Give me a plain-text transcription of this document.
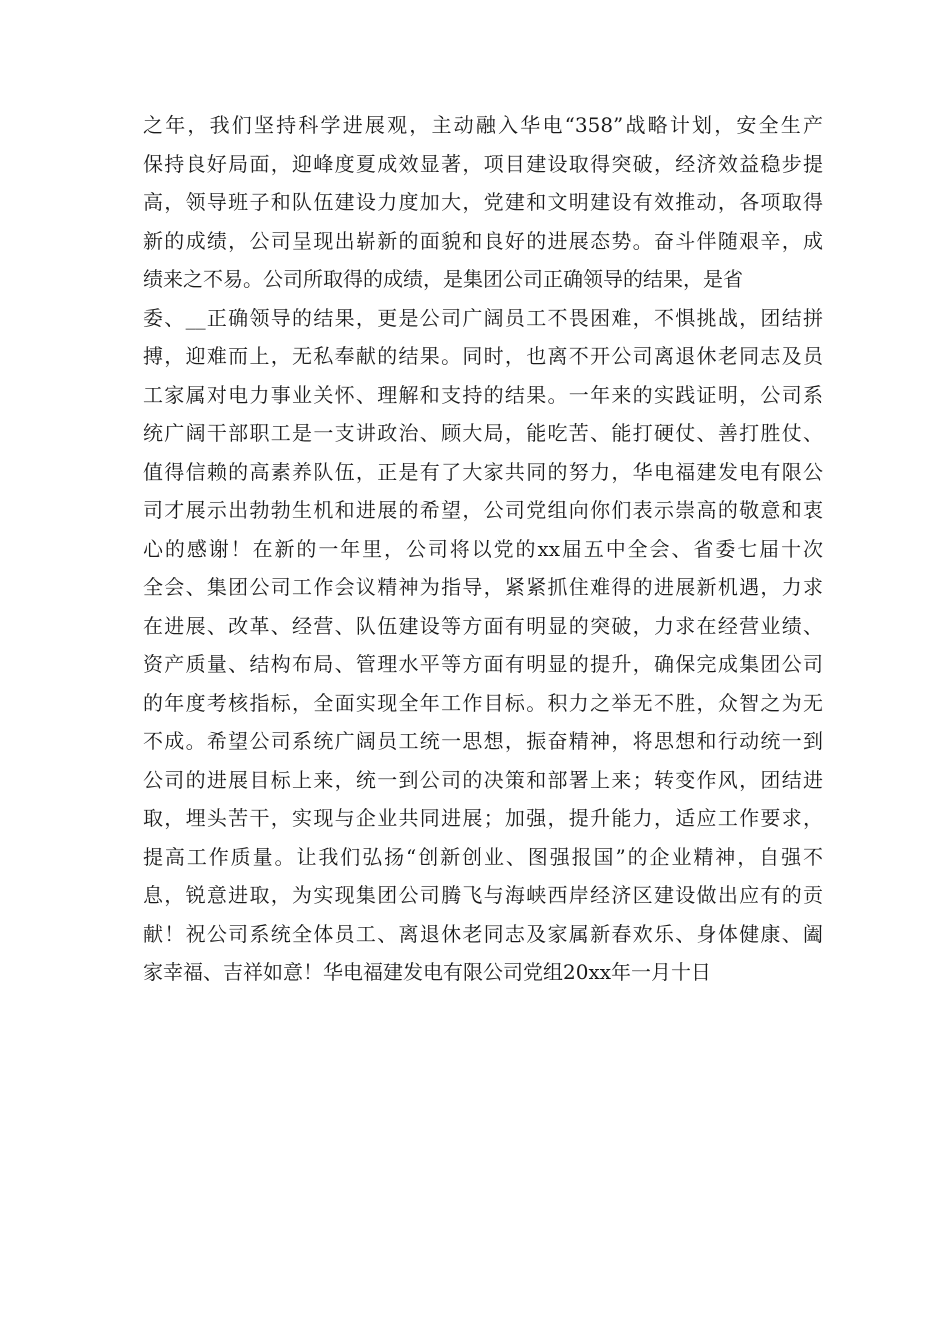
之年，我们坚持科学进展观，主动融入华电“358”战略计划，安全生产
保持良好局面，迎峰度夏成效显著，项目建设取得突破，经济效益稳步提
高，领导班子和队伍建设力度加大，党建和文明建设有效推动，各项取得
新的成绩，公司呈现出崭新的面貌和良好的进展态势。奋斗伴随艰辛，成
绩来之不易。公司所取得的成绩，是集团公司正确领导的结果，是省
委、__正确领导的结果，更是公司广阔员工不畏困难，不惧挑战，团结拼
搏，迎难而上，无私奉献的结果。同时，也离不开公司离退休老同志及员
工家属对电力事业关怀、理解和支持的结果。一年来的实践证明，公司系
统广阔干部职工是一支讲政治、顾大局，能吃苦、能打硬仗、善打胜仗、
值得信赖的高素养队伍，正是有了大家共同的努力，华电福建发电有限公
司才展示出勃勃生机和进展的希望，公司党组向你们表示崇高的敬意和衷
心的感谢！在新的一年里，公司将以党的xx届五中全会、省委七届十次
全会、集团公司工作会议精神为指导，紧紧抓住难得的进展新机遇，力求
在进展、改革、经营、队伍建设等方面有明显的突破，力求在经营业绩、
资产质量、结构布局、管理水平等方面有明显的提升，确保完成集团公司
的年度考核指标，全面实现全年工作目标。积力之举无不胜，众智之为无
不成。希望公司系统广阔员工统一思想，振奋精神，将思想和行动统一到
公司的进展目标上来，统一到公司的决策和部署上来；转变作风，团结进
取，埋头苦干，实现与企业共同进展；加强，提升能力，适应工作要求，
提高工作质量。让我们弘扬“创新创业、图强报国”的企业精神，自强不
息，锐意进取，为实现集团公司腾飞与海峡西岸经济区建设做出应有的贡
献！祝公司系统全体员工、离退休老同志及家属新春欢乐、身体健康、阖
家幸福、吉祥如意！华电福建发电有限公司党组20xx年一月十日
